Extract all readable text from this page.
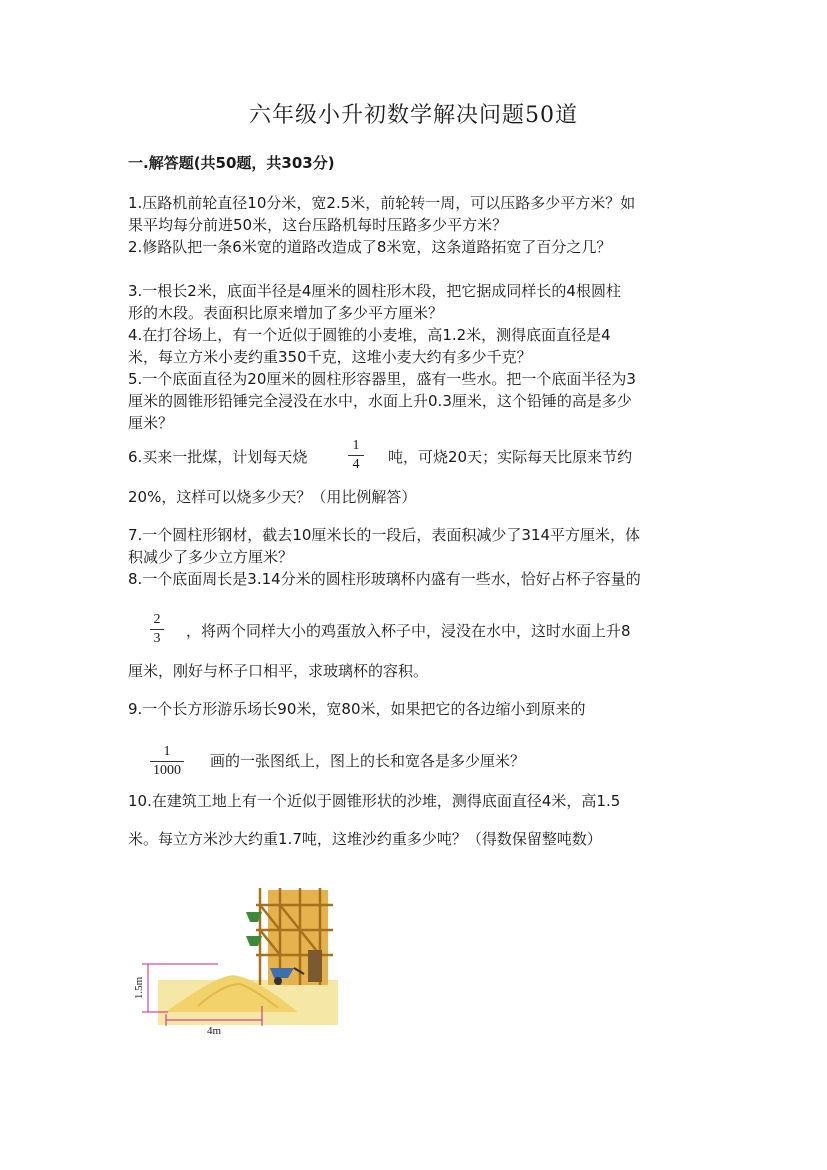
六年级小升初数学解决问题50道
一.解答题(共50题，共303分)
1.压路机前轮直径10分米，宽2.5米，前轮转一周，可以压路多少平方米？如
果平均每分前进50米，这台压路机每时压路多少平方米？
2.修路队把一条6米宽的道路改造成了8米宽，这条道路拓宽了百分之几？
3.一根长2米，底面半径是4厘米的圆柱形木段，把它据成同样长的4根圆柱
形的木段。表面积比原来增加了多少平方厘米？
4.在打谷场上，有一个近似于圆锥的小麦堆，高1.2米，测得底面直径是4
米，每立方米小麦约重350千克，这堆小麦大约有多少千克？
5.一个底面直径为20厘米的圆柱形容器里，盛有一些水。把一个底面半径为3
厘米的圆锥形铅锤完全浸没在水中，水面上升0.3厘米，这个铅锤的高是多少
厘米？
6.买来一批煤，计划每天烧
1
4 吨，可烧20天；实际每天比原来节约
20%，这样可以烧多少天？（用比例解答）
7.一个圆柱形钢材，截去10厘米长的一段后，表面积减少了314平方厘米，体
积减少了多少立方厘米？
8.一个底面周长是3.14分米的圆柱形玻璃杯内盛有一些水，恰好占杯子容量的
2
3 ，将两个同样大小的鸡蛋放入杯子中，浸没在水中，这时水面上升8
厘米，刚好与杯子口相平，求玻璃杯的容积。
9.一个长方形游乐场长90米，宽80米，如果把它的各边缩小到原来的
1
1000
画的一张图纸上，图上的长和宽各是多少厘米？
10.在建筑工地上有一个近似于圆锥形状的沙堆，测得底面直径4米，高1.5
米。每立方米沙大约重1.7吨，这堆沙约重多少吨？（得数保留整吨数）
1.5m
4m
